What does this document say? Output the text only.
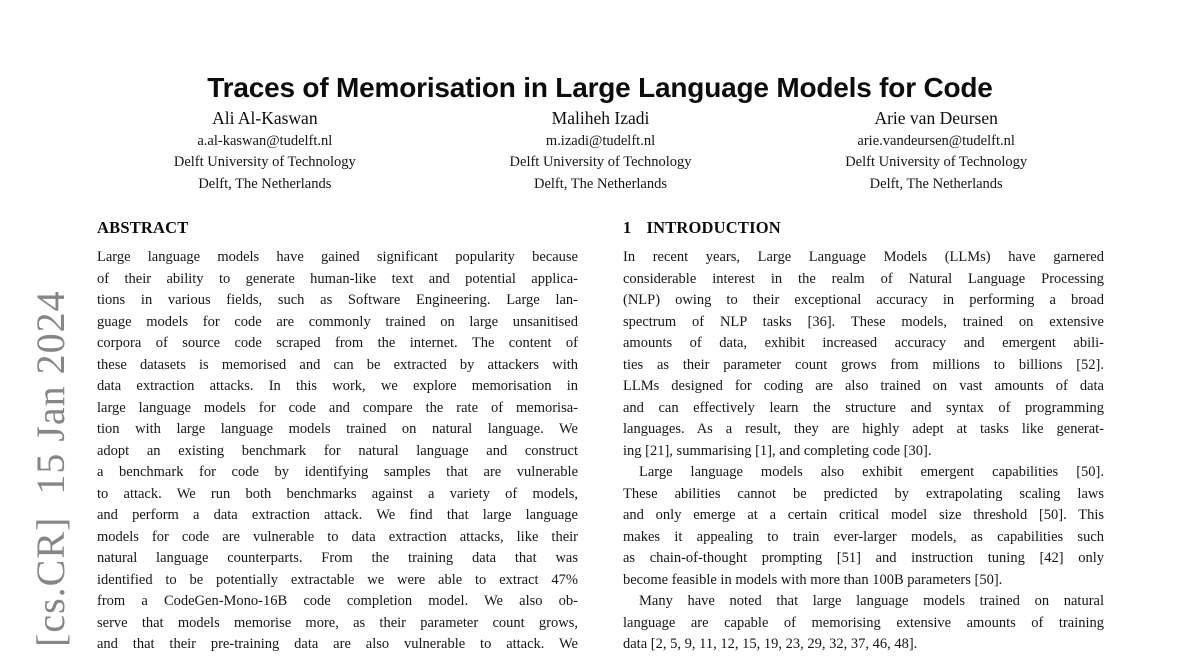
[cs.CR]  15 Jan 2024
Traces of Memorisation in Large Language Models for Code
Ali Al-Kaswan
a.al-kaswan@tudelft.nl
Delft University of Technology
Delft, The Netherlands
Maliheh Izadi
m.izadi@tudelft.nl
Delft University of Technology
Delft, The Netherlands
Arie van Deursen
arie.vandeursen@tudelft.nl
Delft University of Technology
Delft, The Netherlands
ABSTRACT
Large language models have gained significant popularity because
of their ability to generate human-like text and potential applica-
tions in various fields, such as Software Engineering. Large lan-
guage models for code are commonly trained on large unsanitised
corpora of source code scraped from the internet. The content of
these datasets is memorised and can be extracted by attackers with
data extraction attacks. In this work, we explore memorisation in
large language models for code and compare the rate of memorisa-
tion with large language models trained on natural language. We
adopt an existing benchmark for natural language and construct
a benchmark for code by identifying samples that are vulnerable
to attack. We run both benchmarks against a variety of models,
and perform a data extraction attack. We find that large language
models for code are vulnerable to data extraction attacks, like their
natural language counterparts. From the training data that was
identified to be potentially extractable we were able to extract 47%
from a CodeGen-Mono-16B code completion model. We also ob-
serve that models memorise more, as their parameter count grows,
and that their pre-training data are also vulnerable to attack. We
1 INTRODUCTION
In recent years, Large Language Models (LLMs) have garnered
considerable interest in the realm of Natural Language Processing
(NLP) owing to their exceptional accuracy in performing a broad
spectrum of NLP tasks [36]. These models, trained on extensive
amounts of data, exhibit increased accuracy and emergent abili-
ties as their parameter count grows from millions to billions [52].
LLMs designed for coding are also trained on vast amounts of data
and can effectively learn the structure and syntax of programming
languages. As a result, they are highly adept at tasks like generat-
ing [21], summarising [1], and completing code [30].
Large language models also exhibit emergent capabilities [50].
These abilities cannot be predicted by extrapolating scaling laws
and only emerge at a certain critical model size threshold [50]. This
makes it appealing to train ever-larger models, as capabilities such
as chain-of-thought prompting [51] and instruction tuning [42] only
become feasible in models with more than 100B parameters [50].
Many have noted that large language models trained on natural
language are capable of memorising extensive amounts of training
data [2, 5, 9, 11, 12, 15, 19, 23, 29, 32, 37, 46, 48].
